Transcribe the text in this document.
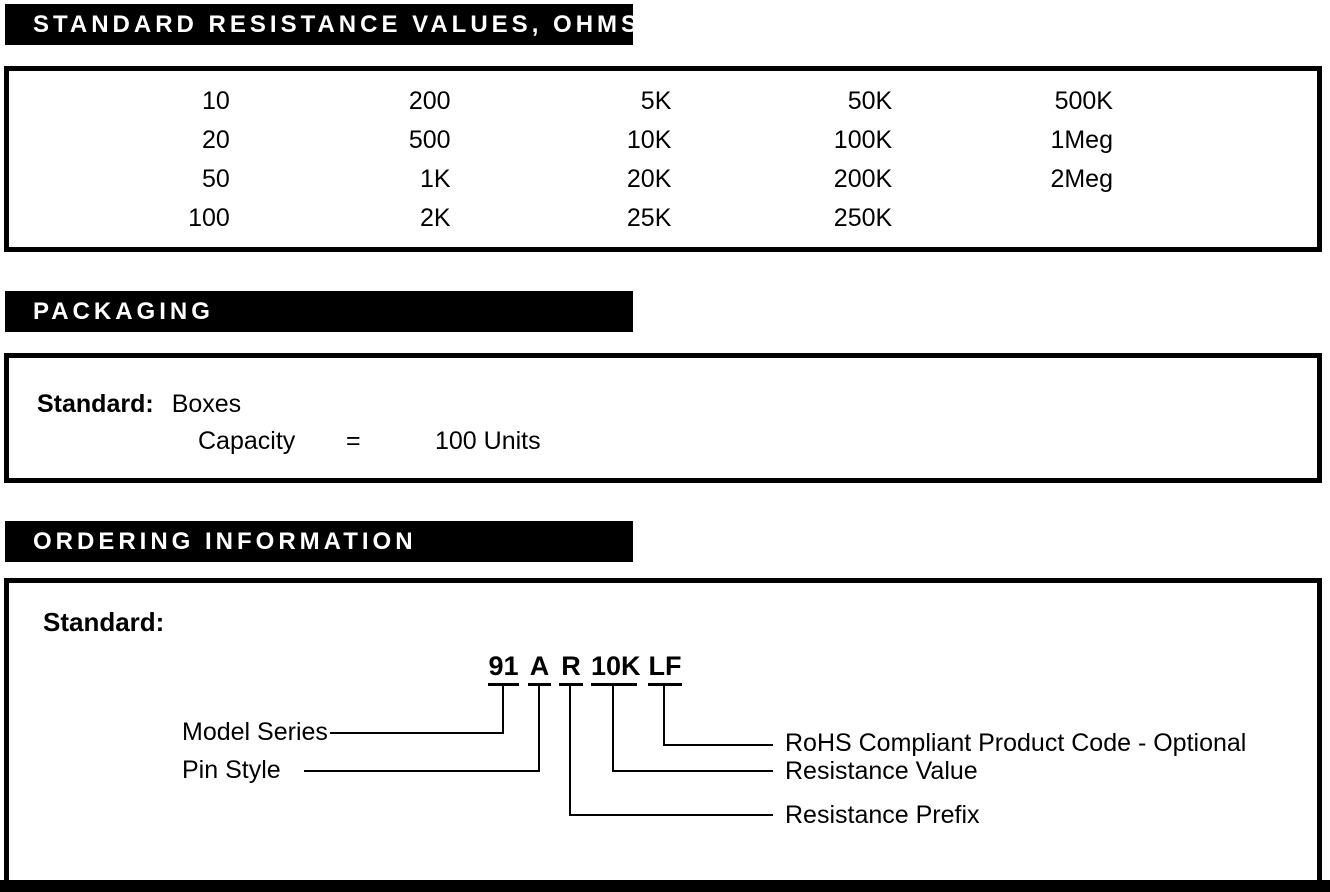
STANDARD RESISTANCE VALUES, OHMS
10	200	5K	50K	500K
20	500	10K	100K	1Meg
50	1K	20K	200K	2Meg
100	2K	25K	250K
PACKAGING
Standard: Boxes
Capacity =	100 Units
ORDERING INFORMATION
Standard:
91 A R 10K LF
Model Series
Pin Style
RoHS Compliant Product Code - Optional
Resistance Value
Resistance Prefix
